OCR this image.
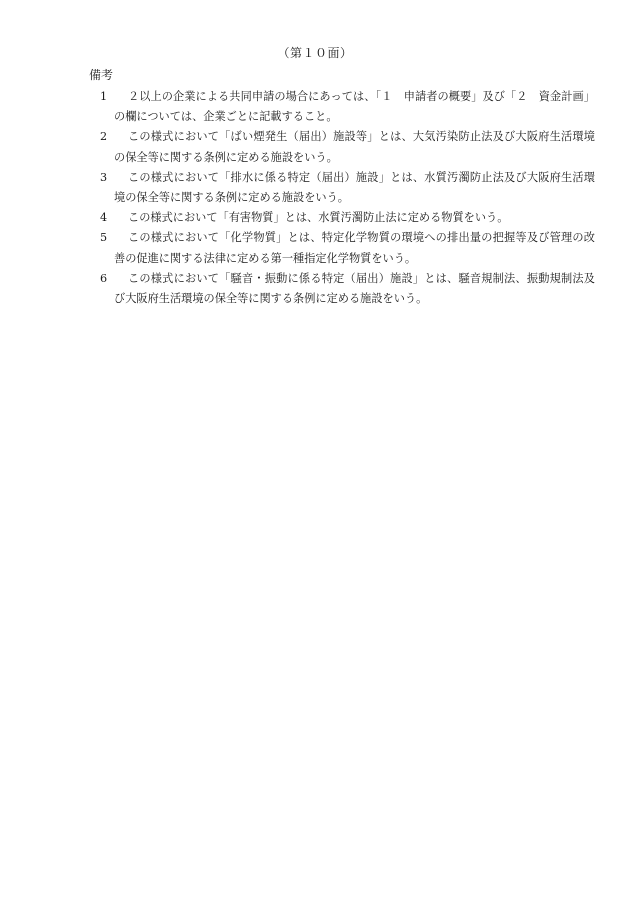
（第１０面）
備考
1	２以上の企業による共同申請の場合にあっては、「１　申請者の概要」及び「２　資金計画」の欄については、企業ごとに記載すること。
2	この様式において「ばい煙発生（届出）施設等」とは、大気汚染防止法及び大阪府生活環境の保全等に関する条例に定める施設をいう。
3	この様式において「排水に係る特定（届出）施設」とは、水質汚濁防止法及び大阪府生活環境の保全等に関する条例に定める施設をいう。
4	この様式において「有害物質」とは、水質汚濁防止法に定める物質をいう。
5	この様式において「化学物質」とは、特定化学物質の環境への排出量の把握等及び管理の改善の促進に関する法律に定める第一種指定化学物質をいう。
6	この様式において「騒音・振動に係る特定（届出）施設」とは、騒音規制法、振動規制法及び大阪府生活環境の保全等に関する条例に定める施設をいう。
